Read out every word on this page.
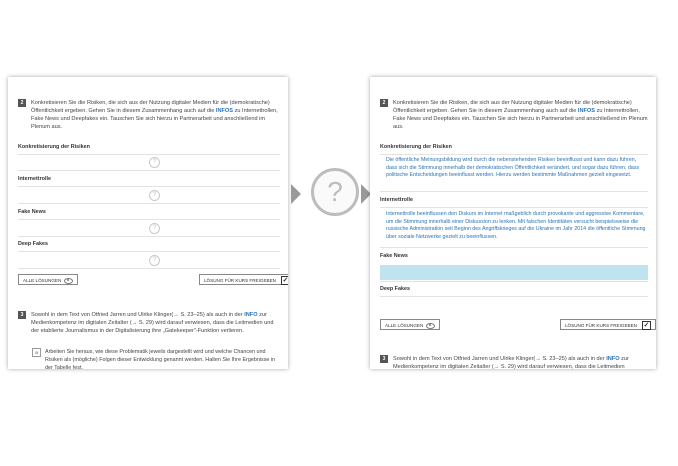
2	Konkretisieren Sie die Risiken, die sich aus der Nutzung digitaler Medien für die (demokratische) Öffentlichkeit ergeben. Gehen Sie in diesem Zusammenhang auch auf die INFOS zu Internettrollen, Fake News und Deepfakes ein. Tauschen Sie sich hierzu in Partnerarbeit und anschließend im Plenum aus.
Konkretisierung der Risiken
?
Internettrolle
?
Fake News
?
Deep Fakes
?
ALLE LÖSUNGEN	LÖSUNG FÜR KURS FREIGEBEN ✓
3	Sowohl in dem Text von Otfried Jarren und Ulrike Klinger(→ S. 23–25) als auch in der INFO zur Medienkompetenz im digitalen Zeitalter (→ S. 29) wird darauf verwiesen, dass die Leitmedien und der etablierte Journalismus in der Digitalisierung ihre „Gatekeeper"-Funktion verlieren.
a	Arbeiten Sie heraus, wie diese Problematik jeweils dargestellt wird und welche Chancen und Risiken als (mögliche) Folgen dieser Entwicklung genannt werden. Halten Sie Ihre Ergebnisse in der Tabelle fest.
?
2	Konkretisieren Sie die Risiken, die sich aus der Nutzung digitaler Medien für die (demokratische) Öffentlichkeit ergeben. Gehen Sie in diesem Zusammenhang auch auf die INFOS zu Internettrollen, Fake News und Deepfakes ein. Tauschen Sie sich hierzu in Partnerarbeit und anschließend im Plenum aus.
Konkretisierung der Risiken
Die öffentliche Meinungsbildung wird durch die nebenstehenden Risiken beeinflusst und kann dazu führen, dass sich die Stimmung innerhalb der demokratischen Öffentlichkeit verändert, und sogar dazu führen, dass politische Entscheidungen beeinflusst werden. Hierzu werden bestimmte Maßnahmen gezielt eingesetzt.
Internettrolle
Internettrolle beeinflussen den Diskurs im Internet maßgeblich durch provokante und aggressive Kommentare, um die Stimmung innerhalb einer Diskussion zu lenken. Mit falschen Identitäten versucht beispielsweise die russische Administration seit Beginn des Angriffskrieges auf die Ukraine im Jahr 2014 die öffentliche Stimmung über soziale Netzwerke gezielt zu beeinflussen.
Fake News
Deep Fakes
ALLE LÖSUNGEN	LÖSUNG FÜR KURS FREIGEBEN ✓
3	Sowohl in dem Text von Otfried Jarren und Ulrike Klinger(→ S. 23–25) als auch in der INFO zur Medienkompetenz im digitalen Zeitalter (→ S. 29) wird darauf verwiesen, dass die Leitmedien
